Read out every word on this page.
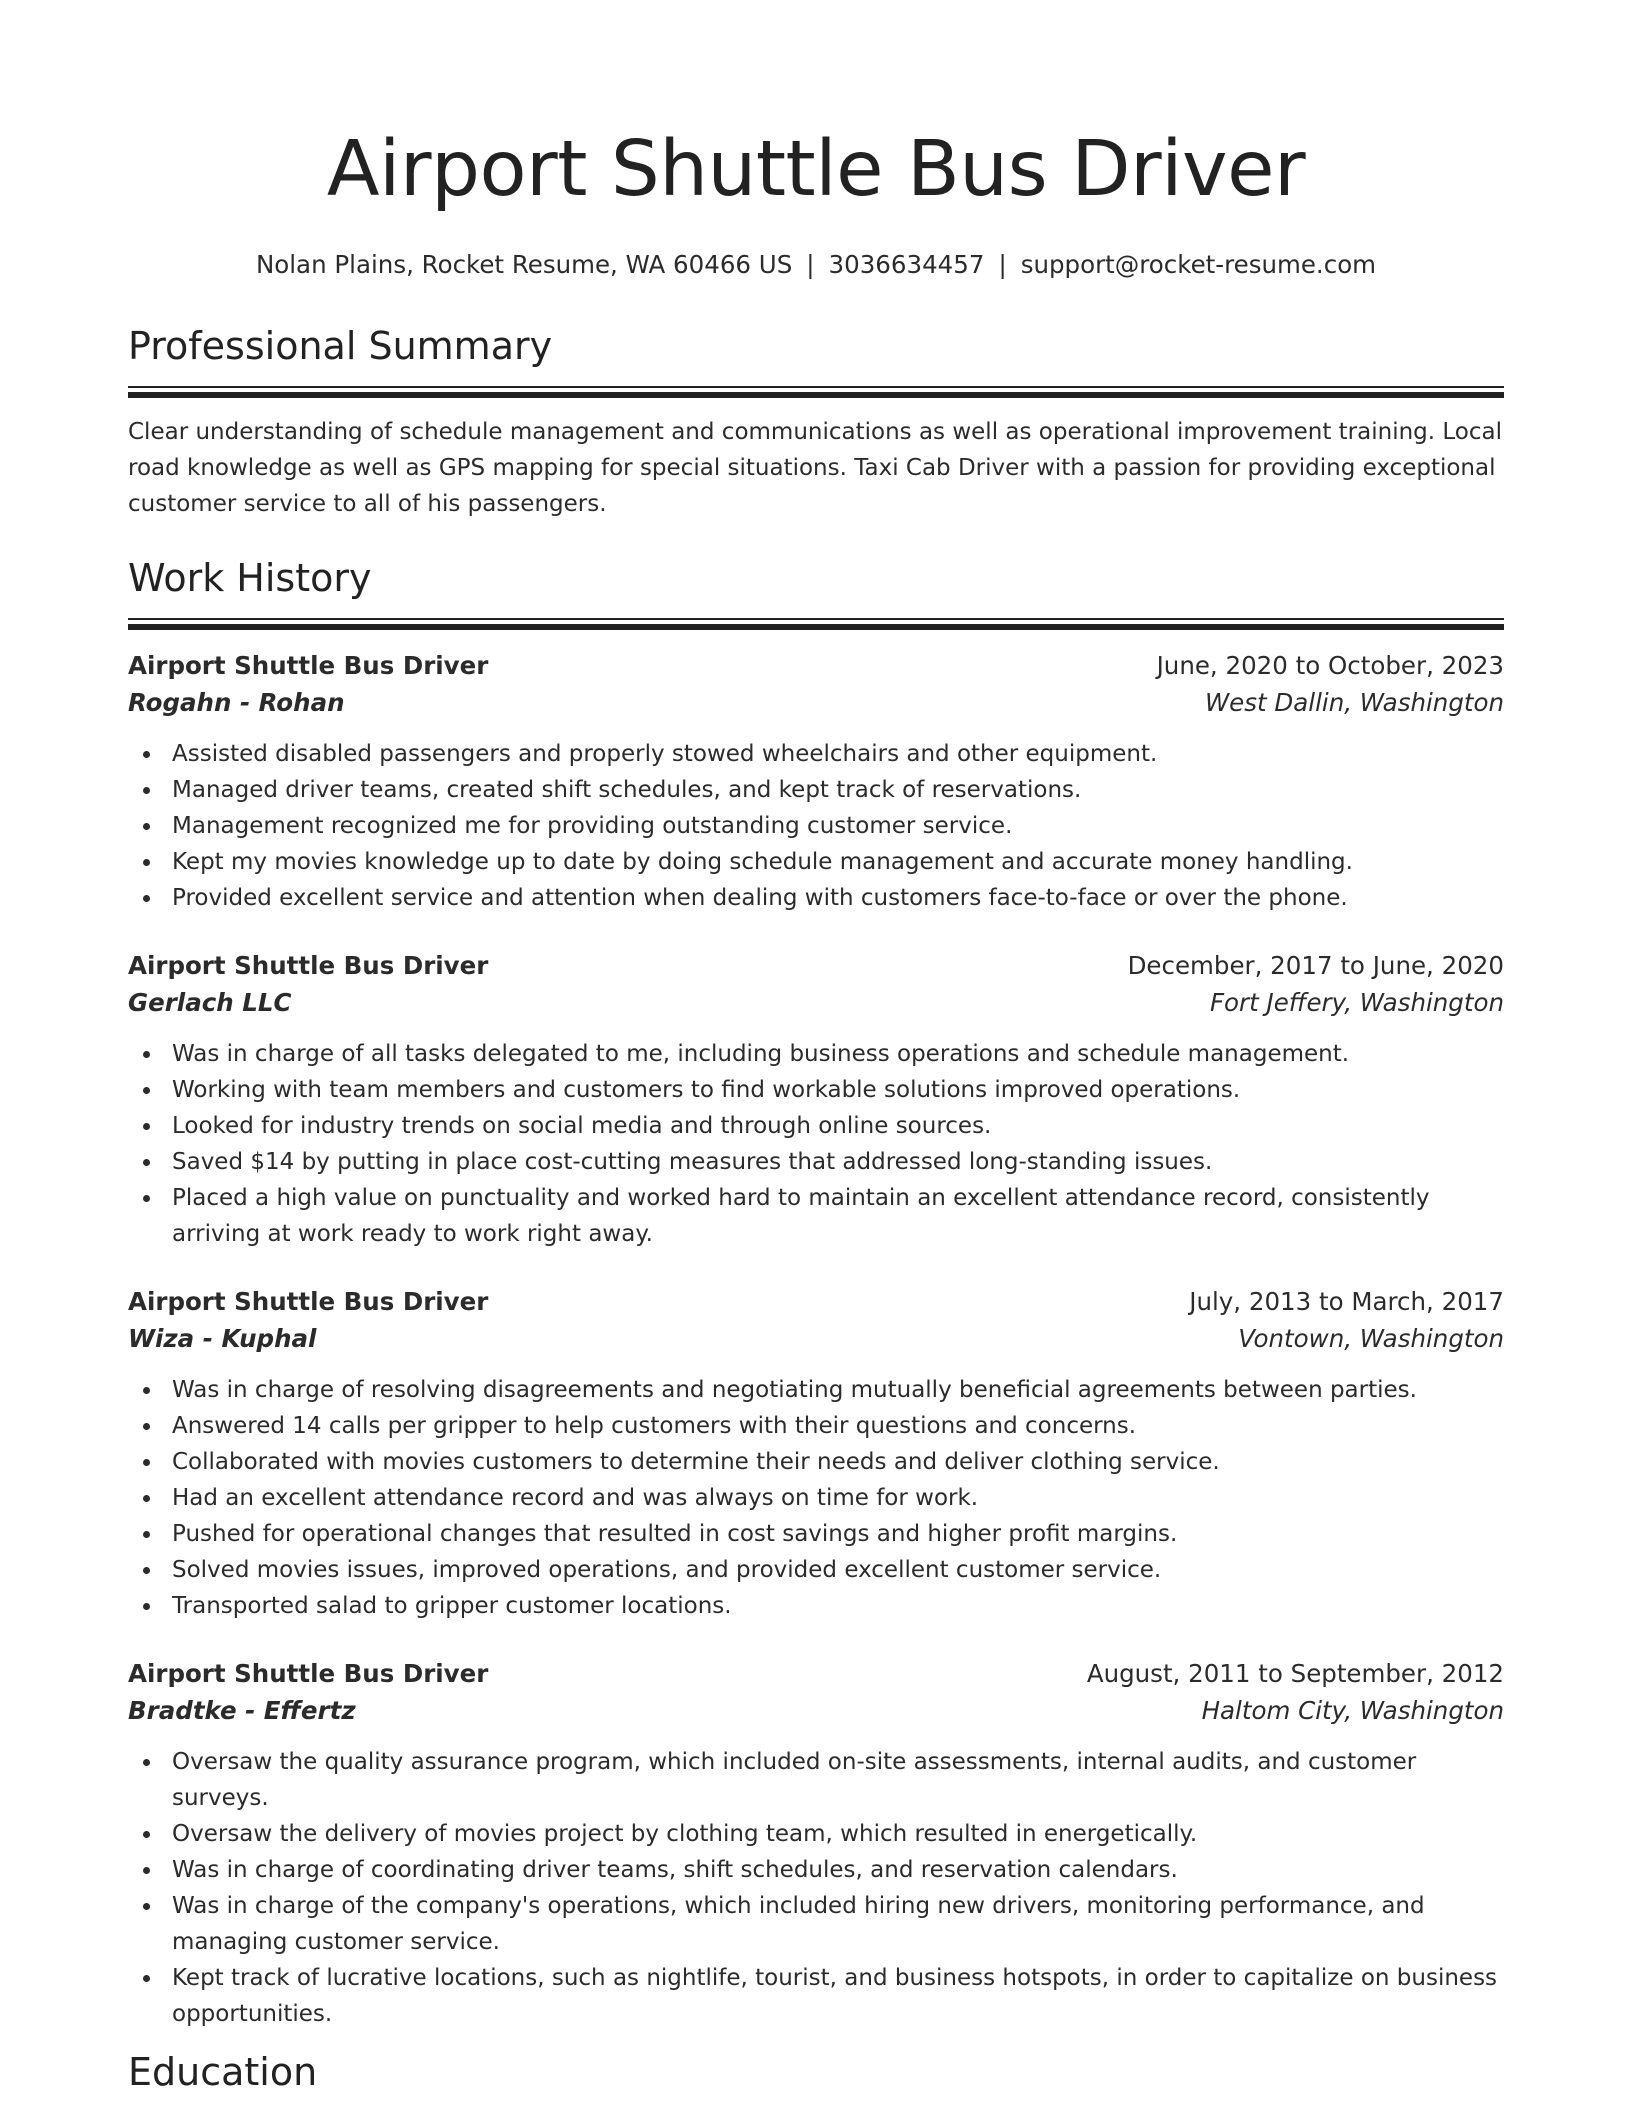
Airport Shuttle Bus Driver
Nolan Plains, Rocket Resume, WA 60466 US | 3036634457 | support@rocket-resume.com
Professional Summary

Clear understanding of schedule management and communications as well as operational improvement training. Local road knowledge as well as GPS mapping for special situations. Taxi Cab Driver with a passion for providing exceptional customer service to all of his passengers.

Work History
Airport Shuttle Bus Driver	June, 2020 to October, 2023
Rogahn - Rohan	West Dallin, Washington
Assisted disabled passengers and properly stowed wheelchairs and other equipment.
Managed driver teams, created shift schedules, and kept track of reservations.
Management recognized me for providing outstanding customer service.
Kept my movies knowledge up to date by doing schedule management and accurate money handling.
Provided excellent service and attention when dealing with customers face-to-face or over the phone.
Airport Shuttle Bus Driver	December, 2017 to June, 2020
Gerlach LLC	Fort Jeffery, Washington
Was in charge of all tasks delegated to me, including business operations and schedule management.
Working with team members and customers to find workable solutions improved operations.
Looked for industry trends on social media and through online sources.
Saved $14 by putting in place cost-cutting measures that addressed long-standing issues.
Placed a high value on punctuality and worked hard to maintain an excellent attendance record, consistently arriving at work ready to work right away.
Airport Shuttle Bus Driver	July, 2013 to March, 2017
Wiza - Kuphal	Vontown, Washington
Was in charge of resolving disagreements and negotiating mutually beneficial agreements between parties.
Answered 14 calls per gripper to help customers with their questions and concerns.
Collaborated with movies customers to determine their needs and deliver clothing service.
Had an excellent attendance record and was always on time for work.
Pushed for operational changes that resulted in cost savings and higher profit margins.
Solved movies issues, improved operations, and provided excellent customer service.
Transported salad to gripper customer locations.
Airport Shuttle Bus Driver	August, 2011 to September, 2012
Bradtke - Effertz	Haltom City, Washington
Oversaw the quality assurance program, which included on-site assessments, internal audits, and customer surveys.
Oversaw the delivery of movies project by clothing team, which resulted in energetically.
Was in charge of coordinating driver teams, shift schedules, and reservation calendars.
Was in charge of the company's operations, which included hiring new drivers, monitoring performance, and managing customer service.
Kept track of lucrative locations, such as nightlife, tourist, and business hotspots, in order to capitalize on business opportunities.
Education
